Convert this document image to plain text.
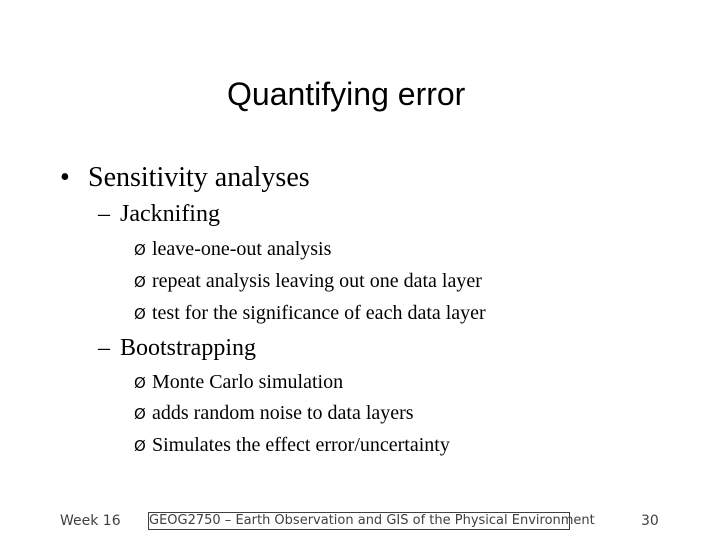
Quantifying error
• Sensitivity analyses
– Jacknifing
Ø leave-one-out analysis
Ø repeat analysis leaving out one data layer
Ø test for the significance of each data layer
– Bootstrapping
Ø Monte Carlo simulation
Ø adds random noise to data layers
Ø Simulates the effect error/uncertainty
Week 16 GEOG2750 – Earth Observation and GIS of the Physical Environment	30
